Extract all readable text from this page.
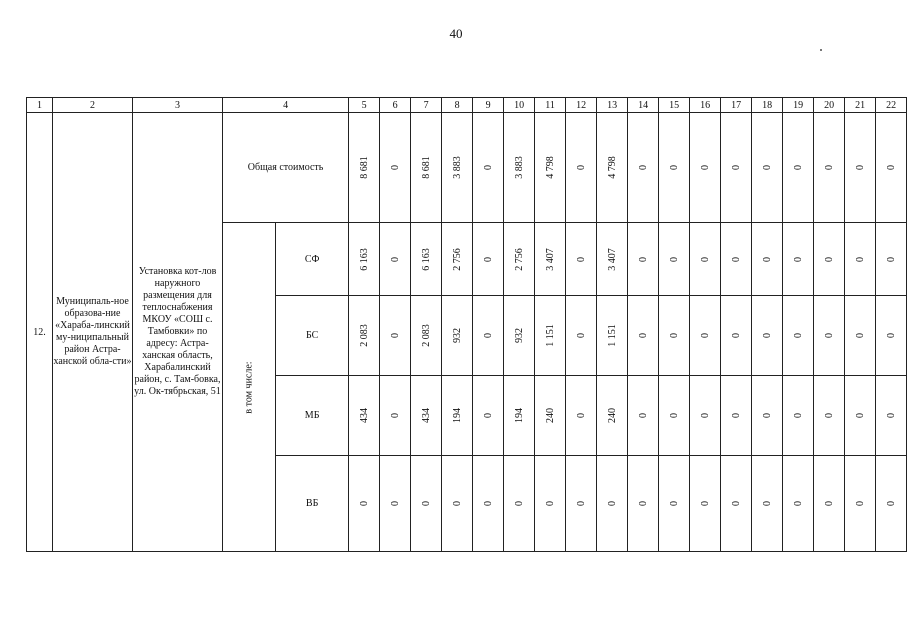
40
1	2	3	4		5	6	7	8	9	10	11	12	13	14	15	16	17	18	19	20	21	22
12.	Муниципаль-ное образова-ние «Хараба-линский му-ниципальный район Астра-ханской обла-сти»	Установка кот-лов наружного размещения для теплоснабжения МКОУ «СОШ с. Тамбовки» по адресу: Астра-ханская область, Харабалинский район, с. Там-бовка, ул. Ок-тябрьская, 51	Общая стоимость		8 681	0	8 681	3 883	0	3 883	4 798	0	4 798	0	0	0	0	0	0	0	0	0
			в том числе:	СФ	6 163	0	6 163	2 756	0	2 756	3 407	0	3 407	0	0	0	0	0	0	0	0	0
				БС	2 083	0	2 083	932	0	932	1 151	0	1 151	0	0	0	0	0	0	0	0	0
				МБ	434	0	434	194	0	194	240	0	240	0	0	0	0	0	0	0	0	0
				ВБ	0	0	0	0	0	0	0	0	0	0	0	0	0	0	0	0	0	0
